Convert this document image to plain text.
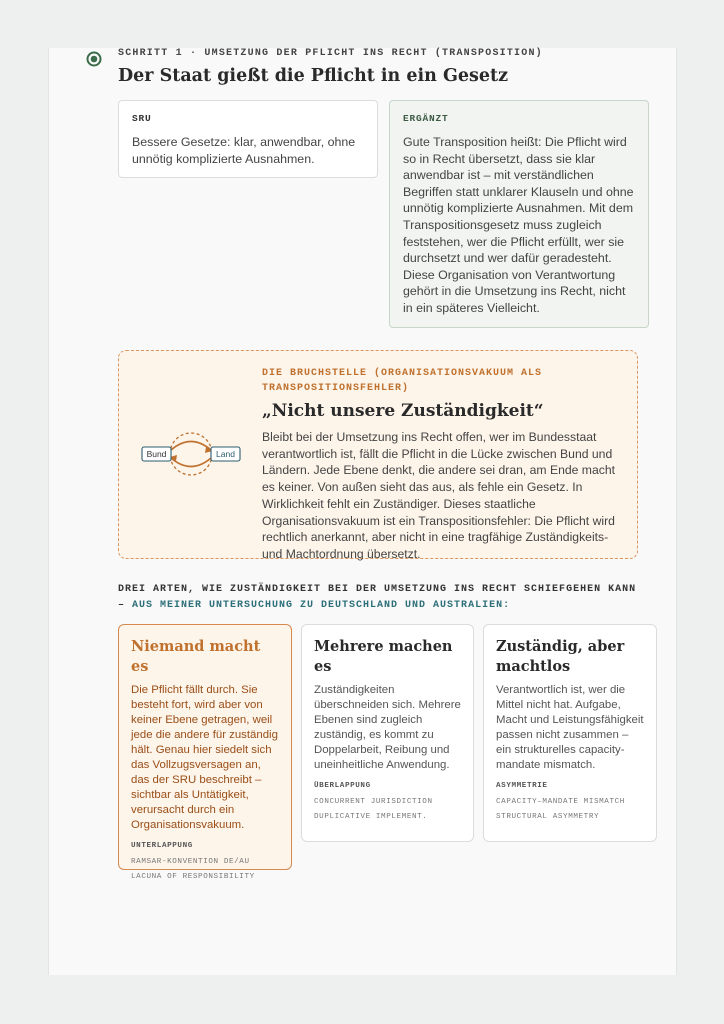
SCHRITT 1 · UMSETZUNG DER PFLICHT INS RECHT (TRANSPOSITION)
Der Staat gießt die Pflicht in ein Gesetz
SRU
Bessere Gesetze: klar, anwendbar, ohne unnötig komplizierte Ausnahmen.
ERGÄNZT
Gute Transposition heißt: Die Pflicht wird so in Recht übersetzt, dass sie klar anwendbar ist – mit verständlichen Begriffen statt unklarer Klauseln und ohne unnötig komplizierte Ausnahmen. Mit dem Transpositionsgesetz muss zugleich feststehen, wer die Pflicht erfüllt, wer sie durchsetzt und wer dafür geradesteht. Diese Organisation von Verantwortung gehört in die Umsetzung ins Recht, nicht in ein späteres Vielleicht.
Bund	Land
DIE BRUCHSTELLE (ORGANISATIONSVAKUUM ALS TRANSPOSITIONSFEHLER)
„Nicht unsere Zuständigkeit“
Bleibt bei der Umsetzung ins Recht offen, wer im Bundesstaat verantwortlich ist, fällt die Pflicht in die Lücke zwischen Bund und Ländern. Jede Ebene denkt, die andere sei dran, am Ende macht es keiner. Von außen sieht das aus, als fehle ein Gesetz. In Wirklichkeit fehlt ein Zuständiger. Dieses staatliche Organisationsvakuum ist ein Transpositionsfehler: Die Pflicht wird rechtlich anerkannt, aber nicht in eine tragfähige Zuständigkeits- und Machtordnung übersetzt.
DREI ARTEN, WIE ZUSTÄNDIGKEIT BEI DER UMSETZUNG INS RECHT SCHIEFGEHEN KANN – AUS MEINER UNTERSUCHUNG ZU DEUTSCHLAND UND AUSTRALIEN:
Niemand macht es
Die Pflicht fällt durch. Sie besteht fort, wird aber von keiner Ebene getragen, weil jede die andere für zuständig hält. Genau hier siedelt sich das Vollzugsversagen an, das der SRU beschreibt – sichtbar als Untätigkeit, verursacht durch ein Organisationsvakuum.
UNTERLAPPUNG
RAMSAR-KONVENTION DE/AU
LACUNA OF RESPONSIBILITY
Mehrere machen es
Zuständigkeiten überschneiden sich. Mehrere Ebenen sind zugleich zuständig, es kommt zu Doppelarbeit, Reibung und uneinheitliche Anwendung.
ÜBERLAPPUNG
CONCURRENT JURISDICTION
DUPLICATIVE IMPLEMENT.
Zuständig, aber machtlos
Verantwortlich ist, wer die Mittel nicht hat. Aufgabe, Macht und Leistungsfähigkeit passen nicht zusammen – ein strukturelles capacity-mandate mismatch.
ASYMMETRIE
CAPACITY–MANDATE MISMATCH
STRUCTURAL ASYMMETRY
